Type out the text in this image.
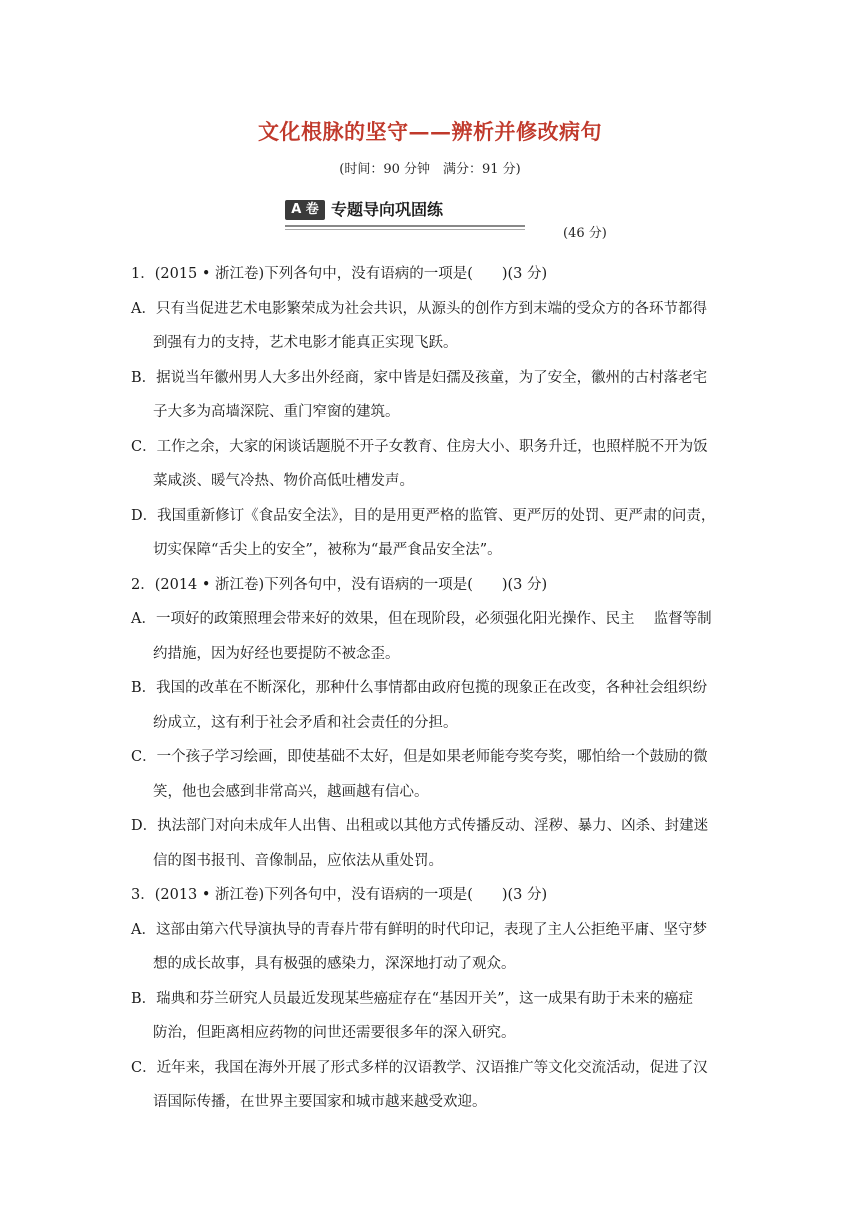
文化根脉的坚守——辨析并修改病句
(时间：90 分钟　满分：91 分)
A 卷 专题导向巩固练
(46 分)
1．(2015 • 浙江卷)下列各句中，没有语病的一项是(　　)(3 分)
A．只有当促进艺术电影繁荣成为社会共识，从源头的创作方到末端的受众方的各环节都得
到强有力的支持，艺术电影才能真正实现飞跃。
B．据说当年徽州男人大多出外经商，家中皆是妇孺及孩童，为了安全，徽州的古村落老宅
子大多为高墙深院、重门窄窗的建筑。
C．工作之余，大家的闲谈话题脱不开子女教育、住房大小、职务升迁，也照样脱不开为饭
菜咸淡、暖气冷热、物价高低吐槽发声。
D．我国重新修订《食品安全法》，目的是用更严格的监管、更严厉的处罚、更严肃的问责，
切实保障“舌尖上的安全”，被称为“最严食品安全法”。
2．(2014 • 浙江卷)下列各句中，没有语病的一项是(　　)(3 分)
A．一项好的政策照理会带来好的效果，但在现阶段，必须强化阳光操作、民主　 监督等制
约措施，因为好经也要提防不被念歪。
B．我国的改革在不断深化，那种什么事情都由政府包揽的现象正在改变，各种社会组织纷
纷成立，这有利于社会矛盾和社会责任的分担。
C．一个孩子学习绘画，即使基础不太好，但是如果老师能夸奖夸奖，哪怕给一个鼓励的微
笑，他也会感到非常高兴，越画越有信心。
D．执法部门对向未成年人出售、出租或以其他方式传播反动、淫秽、暴力、凶杀、封建迷
信的图书报刊、音像制品，应依法从重处罚。
3．(2013 • 浙江卷)下列各句中，没有语病的一项是(　　)(3 分)
A．这部由第六代导演执导的青春片带有鲜明的时代印记，表现了主人公拒绝平庸、坚守梦
想的成长故事，具有极强的感染力，深深地打动了观众。
B．瑞典和芬兰研究人员最近发现某些癌症存在“基因开关”，这一成果有助于未来的癌症
防治，但距离相应药物的问世还需要很多年的深入研究。
C．近年来，我国在海外开展了形式多样的汉语教学、汉语推广等文化交流活动，促进了汉
语国际传播，在世界主要国家和城市越来越受欢迎。
